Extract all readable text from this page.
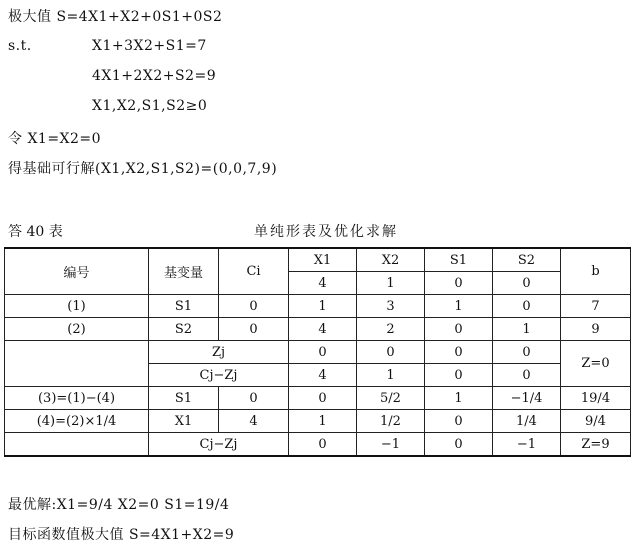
极大值 S=4X1+X2+0S1+0S2
s.t.	X1+3X2+S1=7
4X1+2X2+S2=9
X1,X2,S1,S2≥0
令 X1=X2=0
得基础可行解(X1,X2,S1,S2)=(0,0,7,9)
答 40 表	单纯形表及优化求解
编号	基变量	Ci	X1	X2	S1	S2	b
			4	1	0	0	
(1)	S1	0	1	3	1	0	7
(2)	S2	0	4	2	0	1	9
	Zj		0	0	0	0	Z=0
	Cj−Zj		4	1	0	0	
(3)=(1)−(4)	S1	0	0	5/2	1	−1/4	19/4
(4)=(2)×1/4	X1	4	1	1/2	0	1/4	9/4
	Cj−Zj		0	−1	0	−1	Z=9
最优解:X1=9/4 X2=0 S1=19/4
目标函数值极大值 S=4X1+X2=9
